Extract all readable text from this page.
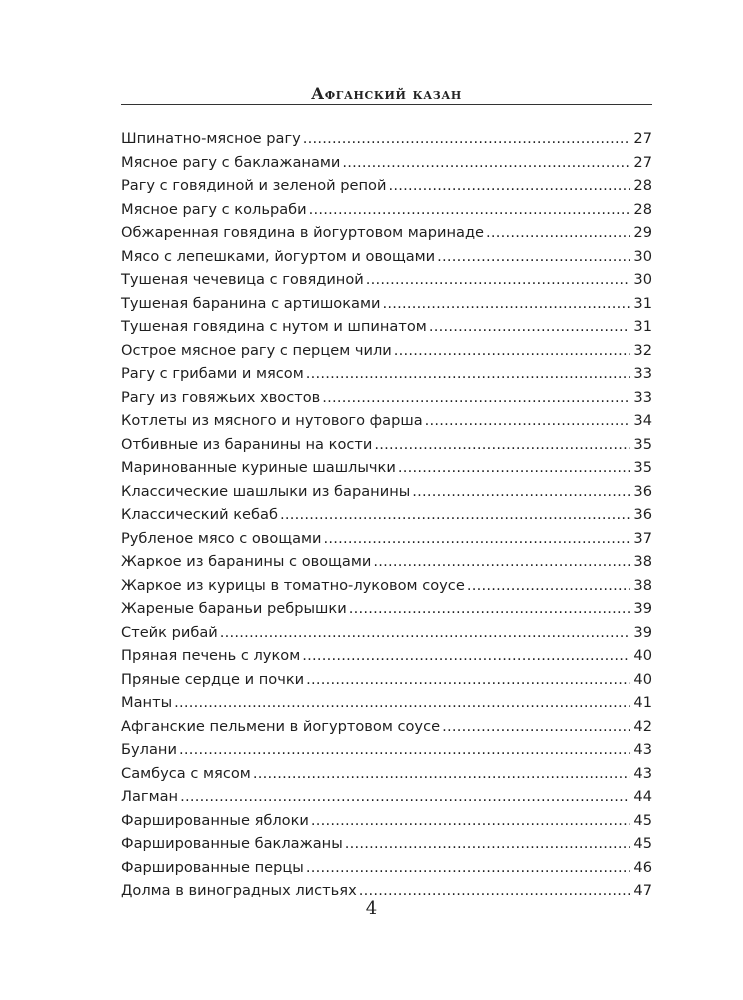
Афганский казан
Шпинатно-мясное рагу . . .	27
Мясное рагу с баклажанами . . .	27
Рагу с говядиной и зеленой репой . . .	28
Мясное рагу с кольраби . . .	28
Обжаренная говядина в йогуртовом маринаде . . .	29
Мясо с лепешками, йогуртом и овощами . . .	30
Тушеная чечевица с говядиной . . .	30
Тушеная баранина с артишоками . . .	31
Тушеная говядина с нутом и шпинатом . . .	31
Острое мясное рагу с перцем чили . . .	32
Рагу с грибами и мясом . . .	33
Рагу из говяжьих хвостов . . .	33
Котлеты из мясного и нутового фарша . . .	34
Отбивные из баранины на кости . . .	35
Маринованные куриные шашлычки . . .	35
Классические шашлыки из баранины . . .	36
Классический кебаб . . .	36
Рубленое мясо с овощами . . .	37
Жаркое из баранины с овощами . . .	38
Жаркое из курицы в томатно-луковом соусе . . .	38
Жареные бараньи ребрышки . . .	39
Стейк рибай . . .	39
Пряная печень с луком . . .	40
Пряные сердце и почки . . .	40
Манты . . .	41
Афганские пельмени в йогуртовом соусе . . .	42
Булани . . .	43
Самбуса с мясом . . .	43
Лагман . . .	44
Фаршированные яблоки . . .	45
Фаршированные баклажаны . . .	45
Фаршированные перцы . . .	46
Долма в виноградных листьях . . .	47
4
